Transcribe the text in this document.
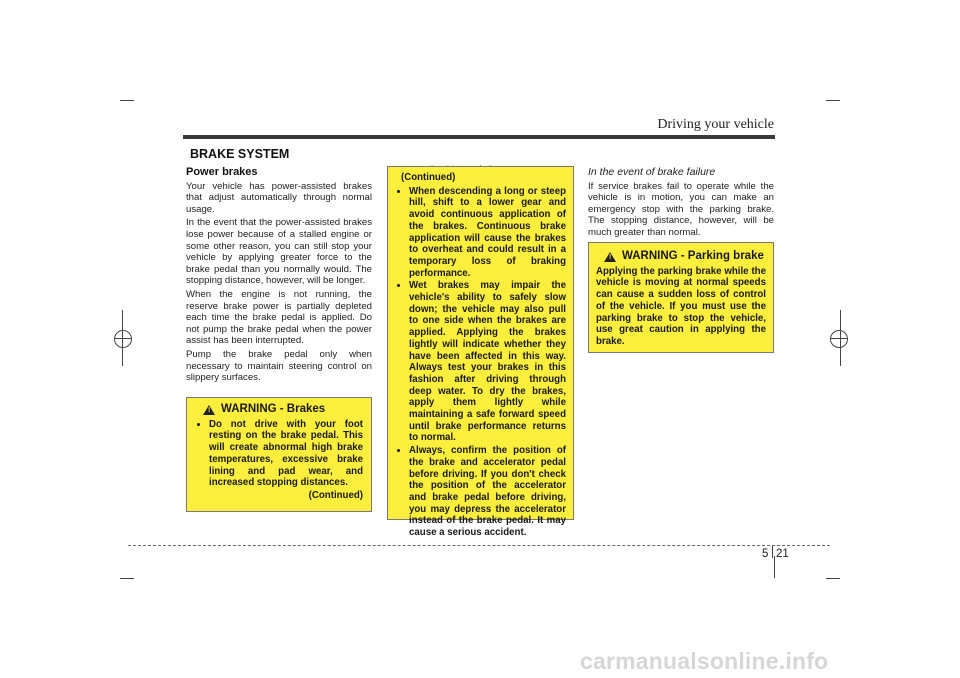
Driving your vehicle
BRAKE SYSTEM
Power brakes

Your vehicle has power-assisted brakes that adjust automatically through normal usage.

In the event that the power-assisted brakes lose power because of a stalled engine or some other reason, you can still stop your vehicle by applying greater force to the brake pedal than you normally would. The stopping distance, however, will be longer.

When the engine is not running, the reserve brake power is partially depleted each time the brake pedal is applied. Do not pump the brake pedal when the power assist has been interrupted.

Pump the brake pedal only when necessary to maintain steering control on slippery surfaces.

! WARNING - Brakes
• Do not drive with your foot resting on the brake pedal. This will create abnormal high brake temperatures, excessive brake lining and pad wear, and increased stopping distances.
(Continued)
(Continued)
• When descending a long or steep hill, shift to a lower gear and avoid continuous application of the brakes. Continuous brake application will cause the brakes to overheat and could result in a temporary loss of braking performance.
• Wet brakes may impair the vehicle's ability to safely slow down; the vehicle may also pull to one side when the brakes are applied. Applying the brakes lightly will indicate whether they have been affected in this way. Always test your brakes in this fashion after driving through deep water. To dry the brakes, apply them lightly while maintaining a safe forward speed until brake performance returns to normal.
• Always, confirm the position of the brake and accelerator pedal before driving. If you don't check the position of the accelerator and brake pedal before driving, you may depress the accelerator instead of the brake pedal. It may cause a serious accident.
In the event of brake failure

If service brakes fail to operate while the vehicle is in motion, you can make an emergency stop with the parking brake. The stopping distance, however, will be much greater than normal.

! WARNING - Parking brake
Applying the parking brake while the vehicle is moving at normal speeds can cause a sudden loss of control of the vehicle. If you must use the parking brake to stop the vehicle, use great caution in applying the brake.
5 21
carmanualsonline.info
